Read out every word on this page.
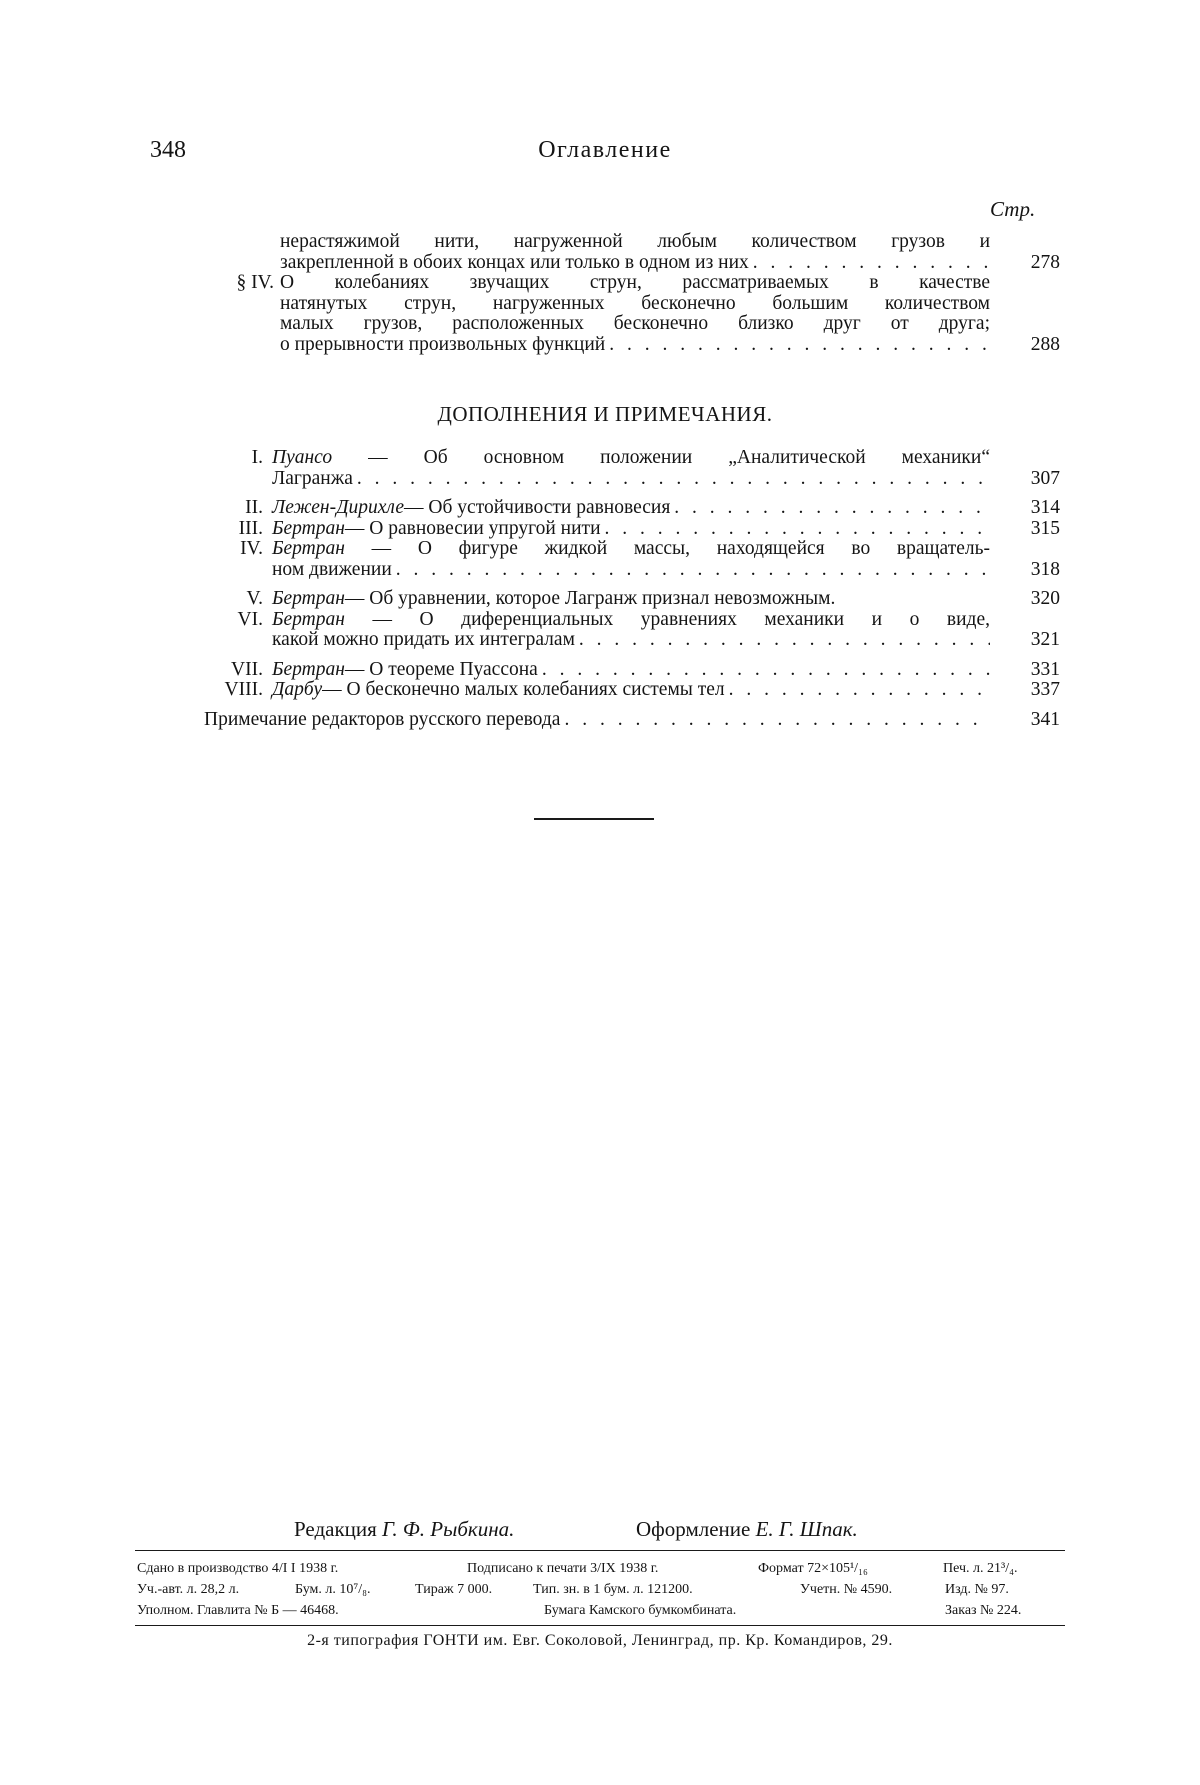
348	Оглавление
Стр.
нерастяжимой нити, нагруженной любым количеством грузов и
закрепленной в обоих концах или только в одном из них . . .	278
§ IV. О колебаниях звучащих струн, рассматриваемых в качестве
натянутых струн, нагруженных бесконечно большим количеством
малых грузов, расположенных бесконечно близко друг от друга;
о прерывности произвольных функций . . .	288
ДОПОЛНЕНИЯ И ПРИМЕЧАНИЯ.
I. Пуансо — Об основном положении „Аналитической механики“
Лагранжа . . .	307
II. Лежен-Дирихле — Об устойчивости равновесия . . .	314
III. Бертран — О равновесии упругой нити . . .	315
IV. Бертран — О фигуре жидкой массы, находящейся во вращатель-
ном движении . . .	318
V. Бертран — Об уравнении, которое Лагранж признал невозможным.	320
VI. Бертран — О диференциальных уравнениях механики и о виде,
какой можно придать их интегралам . . .	321
VII. Бертран — О теореме Пуассона . . .	331
VIII. Дарбу — О бесконечно малых колебаниях системы тел . . .	337
Примечание редакторов русского перевода . . .	341
Редакция Г. Ф. Рыбкина.	Оформление Е. Г. Шпак.
Сдано в производство 4/I I 1938 г.	Подписано к печати 3/IX 1938 г.	Формат 72×105¹/₁₆	Печ. л. 21³/₄.
Уч.-авт. л. 28,2 л.	Бум. л. 10⁷/₈.	Тираж 7 000.	Тип. зн. в 1 бум. л. 121200.	Учетн. № 4590.	Изд. № 97.
Уполном. Главлита № Б — 46468.	Бумага Камского бумкомбината.	Заказ № 224.
2-я типография ГОНТИ им. Евг. Соколовой, Ленинград, пр. Кр. Командиров, 29.
